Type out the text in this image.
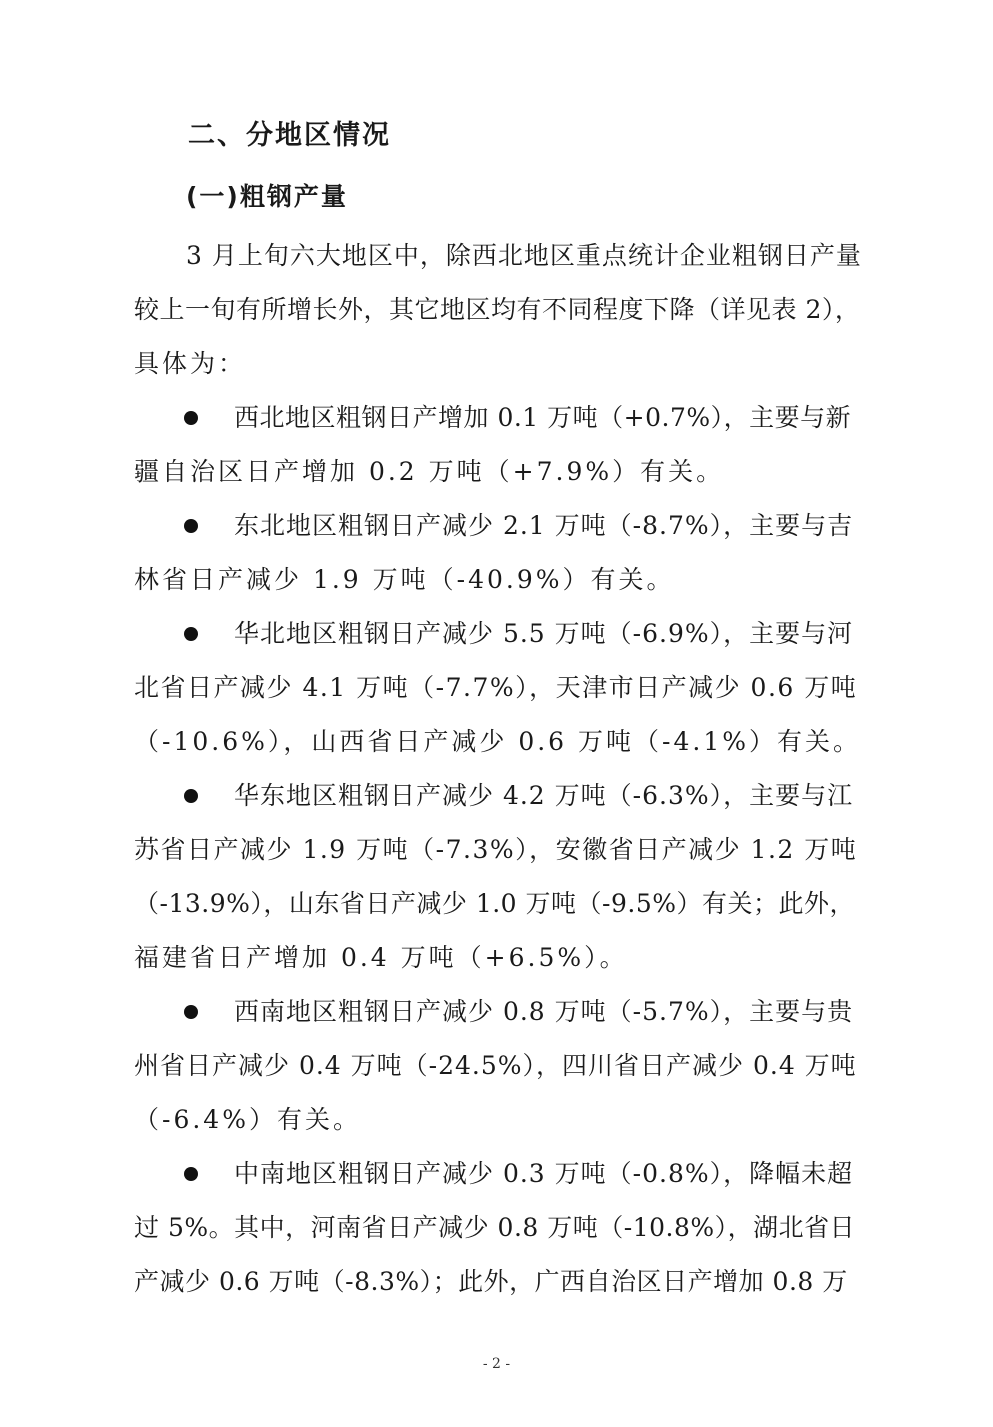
二、分地区情况
(一)粗钢产量
3 月上旬六大地区中，除西北地区重点统计企业粗钢日产量
较上一旬有所增长外，其它地区均有不同程度下降（详见表 2），
具体为：
西北地区粗钢日产增加 0.1 万吨（+0.7%），主要与新
疆自治区日产增加 0.2 万吨（+7.9%）有关。
东北地区粗钢日产减少 2.1 万吨（-8.7%），主要与吉
林省日产减少 1.9 万吨（-40.9%）有关。
华北地区粗钢日产减少 5.5 万吨（-6.9%），主要与河
北省日产减少 4.1 万吨（-7.7%），天津市日产减少 0.6 万吨
（-10.6%），山西省日产减少 0.6 万吨（-4.1%）有关。
华东地区粗钢日产减少 4.2 万吨（-6.3%），主要与江
苏省日产减少 1.9 万吨（-7.3%），安徽省日产减少 1.2 万吨
（-13.9%），山东省日产减少 1.0 万吨（-9.5%）有关；此外，
福建省日产增加 0.4 万吨（+6.5%）。
西南地区粗钢日产减少 0.8 万吨（-5.7%），主要与贵
州省日产减少 0.4 万吨（-24.5%），四川省日产减少 0.4 万吨
（-6.4%）有关。
中南地区粗钢日产减少 0.3 万吨（-0.8%），降幅未超
过 5%。其中，河南省日产减少 0.8 万吨（-10.8%），湖北省日
产减少 0.6 万吨（-8.3%）；此外，广西自治区日产增加 0.8 万
- 2 -
